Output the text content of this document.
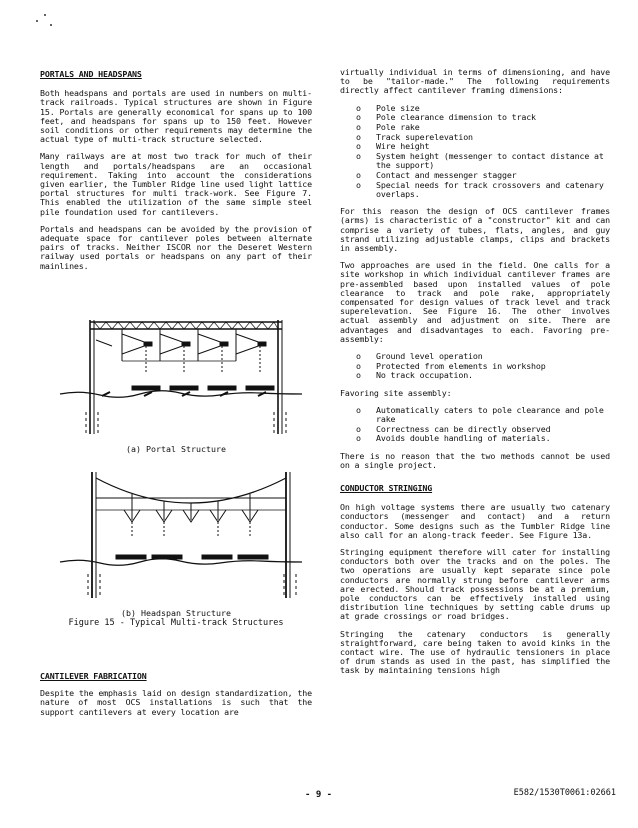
PORTALS AND HEADSPANS

Both headspans and portals are used in numbers on multi-track railroads. Typical structures are shown in Figure 15. Portals are generally economical for spans up to 100 feet, and headspans for spans up to 150 feet. However soil conditions or other requirements may determine the actual type of multi-track structure selected.

Many railways are at most two track for much of their length and portals/headspans are an occasional requirement. Taking into account the considerations given earlier, the Tumbler Ridge line used light lattice portal structures for multi track-work. See Figure 7. This enabled the utilization of the same simple steel pile foundation used for cantilevers.

Portals and headspans can be avoided by the provision of adequate space for cantilever poles between alternate pairs of tracks. Neither ISCOR nor the Deseret Western railway used portals or headspans on any part of their mainlines.

(a) Portal Structure
(b) Headspan Structure
Figure 15 - Typical Multi-track Structures
CANTILEVER FABRICATION

Despite the emphasis laid on design standardization, the nature of most OCS installations is such that the support cantilevers at every location are

virtually individual in terms of dimensioning, and have to be "tailor-made." The following requirements directly affect cantilever framing dimensions:

o Pole size
o Pole clearance dimension to track
o Pole rake
o Track superelevation
o Wire height
o System height (messenger to contact distance at the support)
o Contact and messenger stagger
o Special needs for track crossovers and catenary overlaps.

For this reason the design of OCS cantilever frames (arms) is characteristic of a "constructor" kit and can comprise a variety of tubes, flats, angles, and guy strand utilizing adjustable clamps, clips and brackets in assembly.

Two approaches are used in the field. One calls for a site workshop in which individual cantilever frames are pre-assembled based upon installed values of pole clearance to track and pole rake, appropriately compensated for design values of track level and track superelevation. See Figure 16. The other involves actual assembly and adjustment on site. There are advantages and disadvantages to each. Favoring pre-assembly:

o Ground level operation
o Protected from elements in workshop
o No track occupation.

Favoring site assembly:

o Automatically caters to pole clearance and pole rake
o Correctness can be directly observed
o Avoids double handling of materials.

There is no reason that the two methods cannot be used on a single project.

CONDUCTOR STRINGING

On high voltage systems there are usually two catenary conductors (messenger and contact) and a return conductor. Some designs such as the Tumbler Ridge line also call for an along-track feeder. See Figure 13a.

Stringing equipment therefore will cater for installing conductors both over the tracks and on the poles. The two operations are usually kept separate since pole conductors are normally strung before cantilever arms are erected. Should track possessions be at a premium, pole conductors can be effectively installed using distribution line techniques by setting cable drums up at grade crossings or road bridges.

Stringing the catenary conductors is generally straightforward, care being taken to avoid kinks in the contact wire. The use of hydraulic tensioners in place of drum stands as used in the past, has simplified the task by maintaining tensions high

- 9 -	E582/1530T0061:02661
